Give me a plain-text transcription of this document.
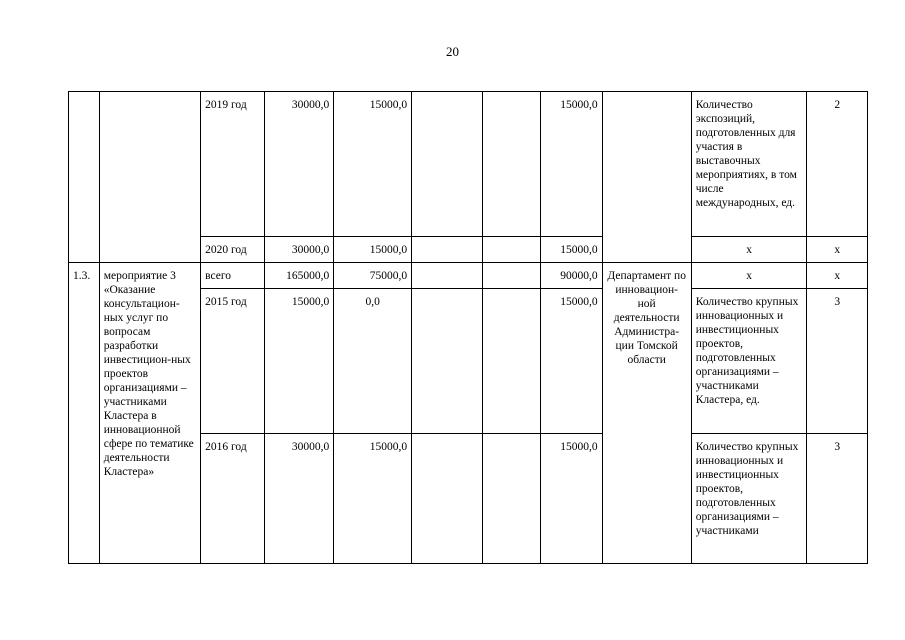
20
		2019 год	30000,0	15000,0			15000,0		Количество экспозиций, подготовленных для участия в выставочных мероприятиях, в том числе международных, ед.	2
		2020 год	30000,0	15000,0			15000,0		х	х
1.3.	мероприятие 3 «Оказание консультацион-ных услуг по вопросам разработки инвестицион-ных проектов организациями – участниками Кластера в инновационной сфере по тематике деятельности Кластера»	всего	165000,0	75000,0			90000,0	Департамент по инновацион-ной деятельности Администра-ции Томской области	х	х
		2015 год	15000,0	0,0			15000,0		Количество крупных инновационных и инвестиционных проектов, подготовленных организациями – участниками Кластера, ед.	3
		2016 год	30000,0	15000,0			15000,0		Количество крупных инновационных и инвестиционных проектов, подготовленных организациями – участниками	3
